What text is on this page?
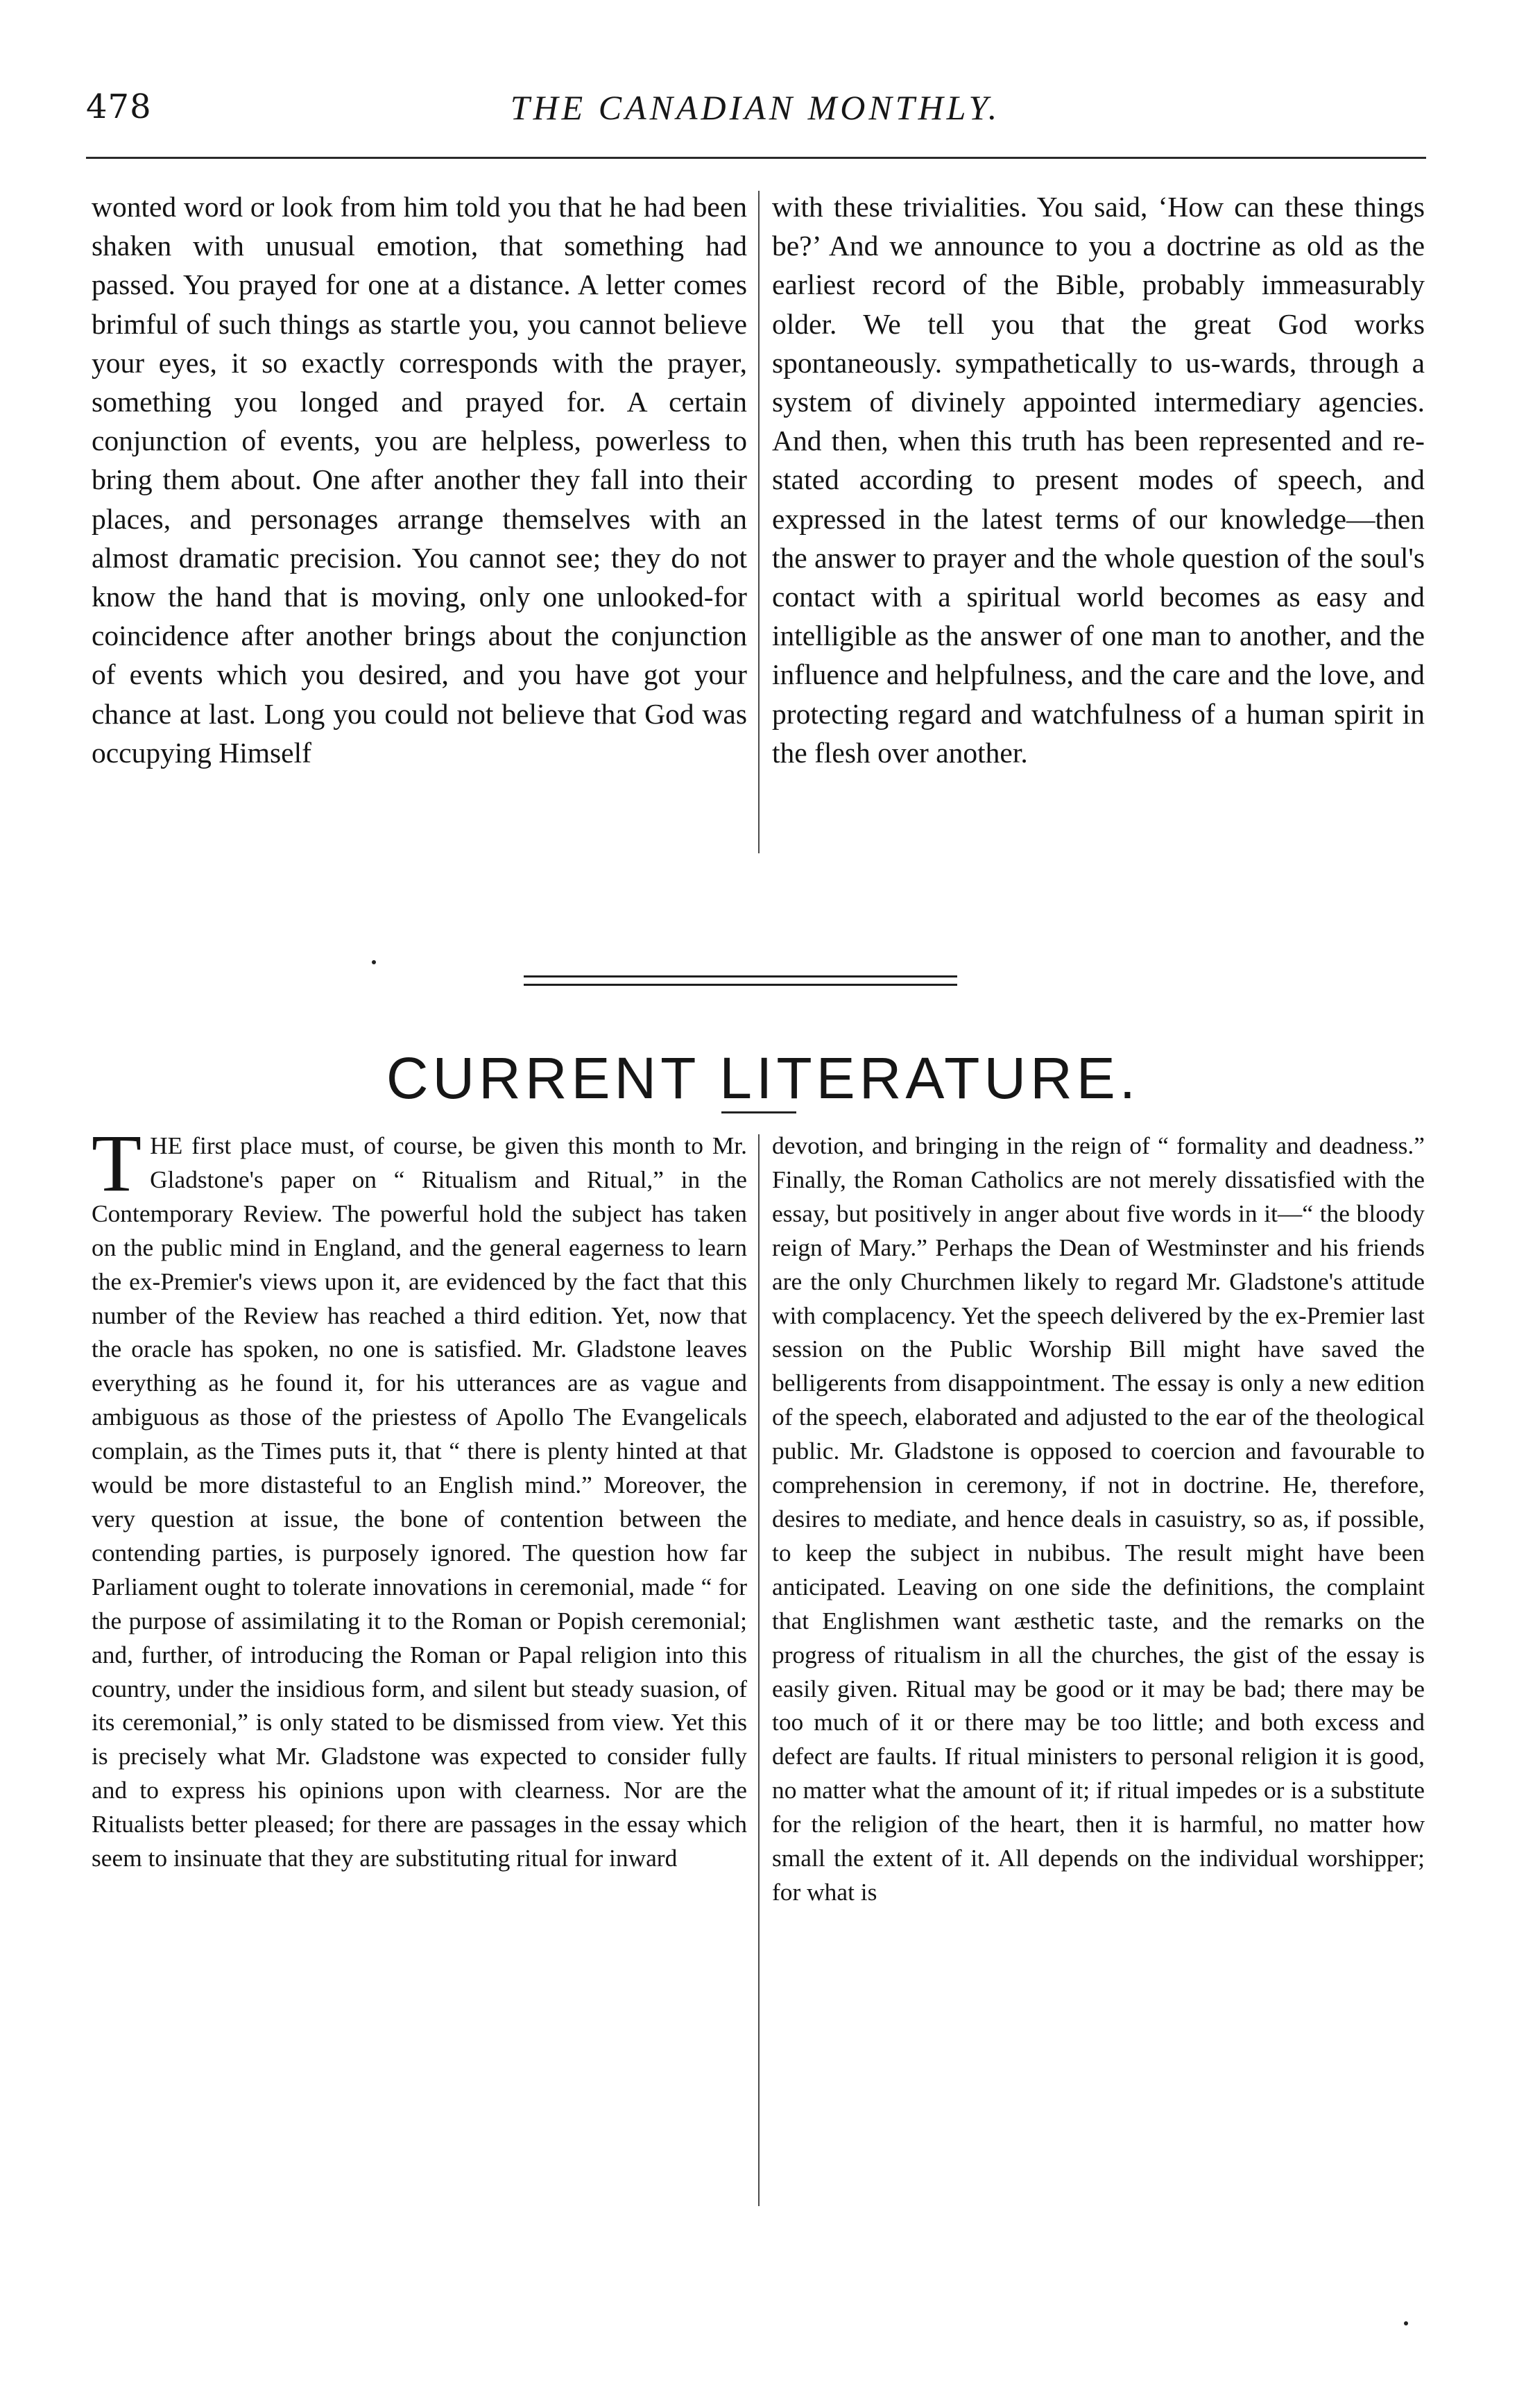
478	THE CANADIAN MONTHLY.

wonted word or look from him told you that he had been shaken with unusual emotion, that something had passed. You prayed for one at a distance. A letter comes brimful of such things as startle you, you cannot believe your eyes, it so exactly corresponds with the prayer, something you longed and prayed for. A certain conjunction of events, you are helpless, powerless to bring them about. One after another they fall into their places, and personages arrange themselves with an almost dramatic precision. You cannot see; they do not know the hand that is moving, only one unlooked-for coincidence after another brings about the conjunction of events which you desired, and you have got your chance at last. Long you could not believe that God was occupying Himself

with these trivialities. You said, ‘How can these things be?’ And we announce to you a doctrine as old as the earliest record of the Bible, probably immeasurably older. We tell you that the great God works spontaneously. sympathetically to us-wards, through a system of divinely appointed intermediary agencies. And then, when this truth has been represented and re-stated according to present modes of speech, and expressed in the latest terms of our knowledge—then the answer to prayer and the whole question of the soul's contact with a spiritual world becomes as easy and intelligible as the answer of one man to another, and the influence and helpfulness, and the care and the love, and protecting regard and watchfulness of a human spirit in the flesh over another.

CURRENT LITERATURE.
T HE first place must, of course, be given this month to Mr. Gladstone's paper on “ Ritualism and Ritual,” in the Contemporary Review. The powerful hold the subject has taken on the public mind in England, and the general eagerness to learn the ex-Premier's views upon it, are evidenced by the fact that this number of the Review has reached a third edition. Yet, now that the oracle has spoken, no one is satisfied. Mr. Gladstone leaves everything as he found it, for his utterances are as vague and ambiguous as those of the priestess of Apollo The Evangelicals complain, as the Times puts it, that “ there is plenty hinted at that would be more distasteful to an English mind.” Moreover, the very question at issue, the bone of contention between the contending parties, is purposely ignored. The question how far Parliament ought to tolerate innovations in ceremonial, made “ for the purpose of assimilating it to the Roman or Popish ceremonial; and, further, of introducing the Roman or Papal religion into this country, under the insidious form, and silent but steady suasion, of its ceremonial,” is only stated to be dismissed from view. Yet this is precisely what Mr. Gladstone was expected to consider fully and to express his opinions upon with clearness. Nor are the Ritualists better pleased; for there are passages in the essay which seem to insinuate that they are substituting ritual for inward

devotion, and bringing in the reign of “ formality and deadness.” Finally, the Roman Catholics are not merely dissatisfied with the essay, but positively in anger about five words in it—“ the bloody reign of Mary.” Perhaps the Dean of Westminster and his friends are the only Churchmen likely to regard Mr. Gladstone's attitude with complacency. Yet the speech delivered by the ex-Premier last session on the Public Worship Bill might have saved the belligerents from disappointment. The essay is only a new edition of the speech, elaborated and adjusted to the ear of the theological public. Mr. Gladstone is opposed to coercion and favourable to comprehension in ceremony, if not in doctrine. He, therefore, desires to mediate, and hence deals in casuistry, so as, if possible, to keep the subject in nubibus. The result might have been anticipated. Leaving on one side the definitions, the complaint that Englishmen want æsthetic taste, and the remarks on the progress of ritualism in all the churches, the gist of the essay is easily given. Ritual may be good or it may be bad; there may be too much of it or there may be too little; and both excess and defect are faults. If ritual ministers to personal religion it is good, no matter what the amount of it; if ritual impedes or is a substitute for the religion of the heart, then it is harmful, no matter how small the extent of it. All depends on the individual worshipper; for what is
